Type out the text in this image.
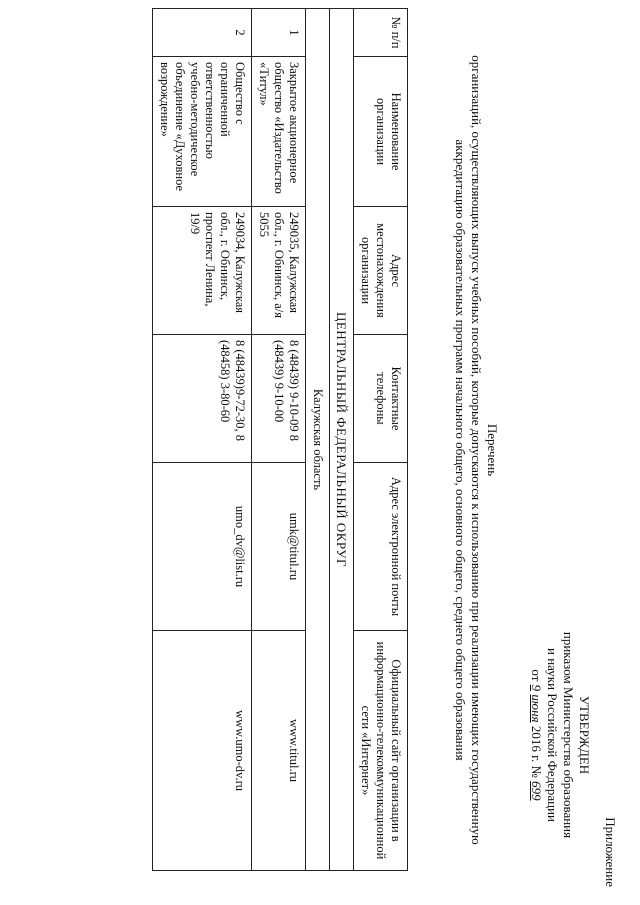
Приложение
УТВЕРЖДЕН
приказом Министерства образования
и науки Российской Федерации
от 9 июня 2016 г. № 699
Перечень
организаций, осуществляющих выпуск учебных пособий, которые допускаются к использованию при реализации имеющих государственную аккредитацию образовательных программ начального общего, основного общего, среднего общего образования
№ п/п	Наименование организации	Адрес местонахождения организации	Контактные телефоны	Адрес электронной почты	Официальный сайт организации в информационно-телекоммуникационной сети «Интернет»
ЦЕНТРАЛЬНЫЙ ФЕДЕРАЛЬНЫЙ ОКРУГ					
Калужская область					
1	Закрытое акционерное общество «Издательство «Титул»	249035, Калужская обл., г. Обнинск, а/я 5055	8 (48439) 9-10-09 8 (48439) 9-10-00	umk@titul.ru	www.titul.ru
2	Общество с ограниченной ответственностью учебно-методическое объединение «Духовное возрождение»	249034, Калужская обл., г. Обнинск, проспект Ленина, 19/9	8 (48439)9-72-30, 8 (48458) 3-80-60	umo_dv@list.ru	www.umo-dv.ru
